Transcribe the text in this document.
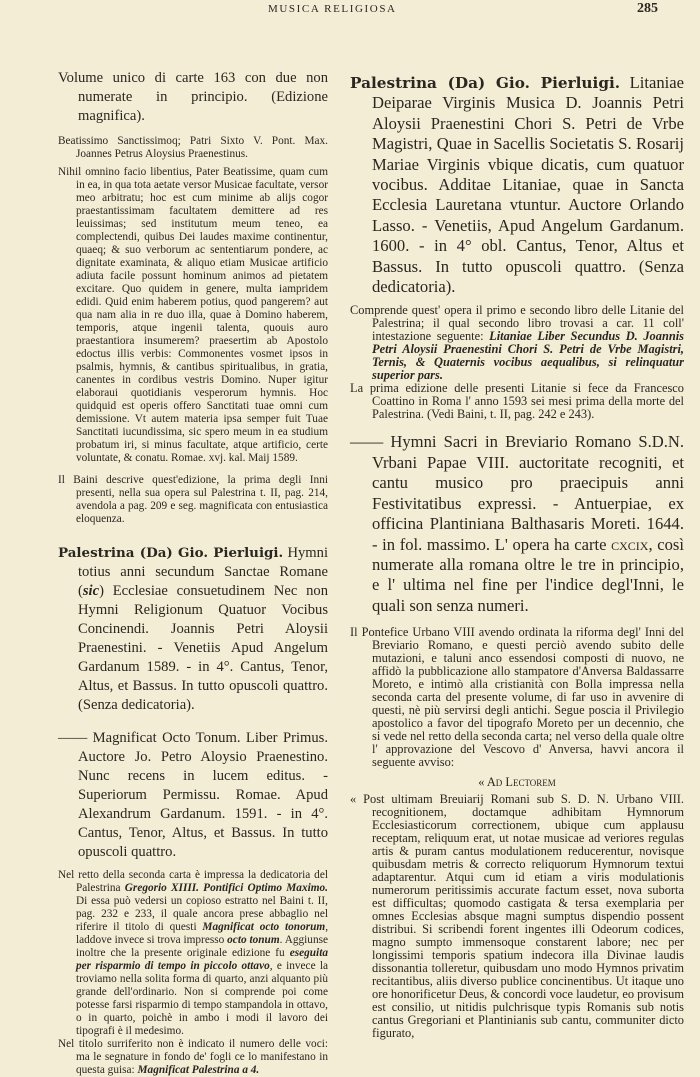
MUSICA RELIGIOSA	285
Volume unico di carte 163 con due non numerate in principio. (Edizione magnifica).
Beatissimo Sanctissimoq; Patri Sixto V. Pont. Max. Joannes Petrus Aloysius Praenestinus.
Nihil omnino facio libentius, Pater Beatissime, quam cum in ea, in qua tota aetate versor Musicae facultate, versor meo arbitratu; hoc est cum minime ab alijs cogor praestantissimam facultatem demittere ad res leuissimas; sed institutum meum teneo, ea complectendi, quibus Dei laudes maxime continentur, quaeq; & suo verborum ac sententiarum pondere, ac dignitate examinata, & aliquo etiam Musicae artificio adiuta facile possunt hominum animos ad pietatem excitare. Quo quidem in genere, multa iampridem edidi. Quid enim haberem potius, quod pangerem? aut qua nam alia in re duo illa, quae à Domino haberem, temporis, atque ingenii talenta, quouis auro praestantiora insumerem? praesertim ab Apostolo edoctus illis verbis: Commonentes vosmet ipsos in psalmis, hymnis, & cantibus spiritualibus, in gratia, canentes in cordibus vestris Domino. Nuper igitur elaboraui quotidianis vesperorum hymnis. Hoc quidquid est operis offero Sanctitati tuae omni cum demissione. Vt autem materia ipsa semper fuit Tuae Sanctitati iucundissima, sic spero meum in ea studium probatum iri, si minus facultate, atque artificio, certe voluntate, & conatu. Romae. xvj. kal. Maij 1589.
Il Baini descrive quest'edizione, la prima degli Inni presenti, nella sua opera sul Palestrina t. II, pag. 214, avendola a pag. 209 e seg. magnificata con entusiastica eloquenza.
Palestrina (Da) Gio. Pierluigi. Hymni totius anni secundum Sanctae Romane (sic) Ecclesiae consuetudinem Nec non Hymni Religionum Quatuor Vocibus Concinendi. Joannis Petri Aloysii Praenestini. - Venetiis Apud Angelum Gardanum 1589. - in 4°. Cantus, Tenor, Altus, et Bassus. In tutto opuscoli quattro. (Senza dedicatoria).
—— Magnificat Octo Tonum. Liber Primus. Auctore Jo. Petro Aloysio Praenestino. Nunc recens in lucem editus. - Superiorum Permissu. Romae. Apud Alexandrum Gardanum. 1591. - in 4°. Cantus, Tenor, Altus, et Bassus. In tutto opuscoli quattro.
Nel retto della seconda carta è impressa la dedicatoria del Palestrina Gregorio XIIII. Pontifici Optimo Maximo. Di essa può vedersi un copioso estratto nel Baini t. II, pag. 232 e 233, il quale ancora prese abbaglio nel riferire il titolo di questi Magnificat octo tonorum, laddove invece si trova impresso octo tonum. Aggiunse inoltre che la presente originale edizione fu eseguita per risparmio di tempo in piccolo ottavo, e invece la troviamo nella solita forma di quarto, anzi alquanto più grande dell'ordinario. Non si comprende poi come potesse farsi risparmio di tempo stampandola in ottavo, o in quarto, poichè in ambo i modi il lavoro dei tipografi è il medesimo.
Nel titolo surriferito non è indicato il numero delle voci: ma le segnature in fondo de' fogli ce lo manifestano in questa guisa: Magnificat Palestrina a 4.
Palestrina (Da) Gio. Pierluigi. Litaniae Deiparae Virginis Musica D. Joannis Petri Aloysii Praenestini Chori S. Petri de Vrbe Magistri, Quae in Sacellis Societatis S. Rosarij Mariae Virginis vbique dicatis, cum quatuor vocibus. Additae Litaniae, quae in Sancta Ecclesia Lauretana vtuntur. Auctore Orlando Lasso. - Venetiis, Apud Angelum Gardanum. 1600. - in 4° obl. Cantus, Tenor, Altus et Bassus. In tutto opuscoli quattro. (Senza dedicatoria).
Comprende quest' opera il primo e secondo libro delle Litanie del Palestrina; il qual secondo libro trovasi a car. 11 coll' intestazione seguente: Litaniae Liber Secundus D. Joannis Petri Aloysii Praenestini Chori S. Petri de Vrbe Magistri, Ternis, & Quaternis vocibus aequalibus, si relinquatur superior pars.
La prima edizione delle presenti Litanie si fece da Francesco Coattino in Roma l' anno 1593 sei mesi prima della morte del Palestrina. (Vedi Baini, t. II, pag. 242 e 243).
—— Hymni Sacri in Breviario Romano S.D.N. Vrbani Papae VIII. auctoritate recogniti, et cantu musico pro praecipuis anni Festivitatibus expressi. - Antuerpiae, ex officina Plantiniana Balthasaris Moreti. 1644. - in fol. massimo. L' opera ha carte cxcix, così numerate alla romana oltre le tre in principio, e l' ultima nel fine per l'indice degl'Inni, le quali son senza numeri.
Il Pontefice Urbano VIII avendo ordinata la riforma degl' Inni del Breviario Romano, e questi perciò avendo subito delle mutazioni, e taluni anco essendosi composti di nuovo, ne affidò la pubblicazione allo stampatore d'Anversa Baldassarre Moreto, e intimò alla cristianità con Bolla impressa nella seconda carta del presente volume, di far uso in avvenire di questi, nè più servirsi degli antichi. Segue poscia il Privilegio apostolico a favor del tipografo Moreto per un decennio, che si vede nel retto della seconda carta; nel verso della quale oltre l' approvazione del Vescovo d' Anversa, havvi ancora il seguente avviso:
« Ad Lectorem
« Post ultimam Breuiarij Romani sub S. D. N. Urbano VIII. recognitionem, doctamque adhibitam Hymnorum Ecclesiasticorum correctionem, ubique cum applausu receptam, reliquum erat, ut notae musicae ad veriores regulas artis & puram cantus modulationem reducerentur, novisque quibusdam metris & correcto reliquorum Hymnorum textui adaptarentur. Atqui cum id etiam a viris modulationis numerorum peritissimis accurate factum esset, nova suborta est difficultas; quomodo castigata & tersa exemplaria per omnes Ecclesias absque magni sumptus dispendio possent distribui. Si scribendi forent ingentes illi Odeorum codices, magno sumpto immensoque constarent labore; nec per longissimi temporis spatium indecora illa Divinae laudis dissonantia tolleretur, quibusdam uno modo Hymnos privatim recitantibus, aliis diverso publice concinentibus. Ut itaque uno ore honorificetur Deus, & concordi voce laudetur, eo provisum est consilio, ut nitidis pulchrisque typis Romanis sub notis cantus Gregoriani et Plantinianis sub cantu, communiter dicto figurato,
